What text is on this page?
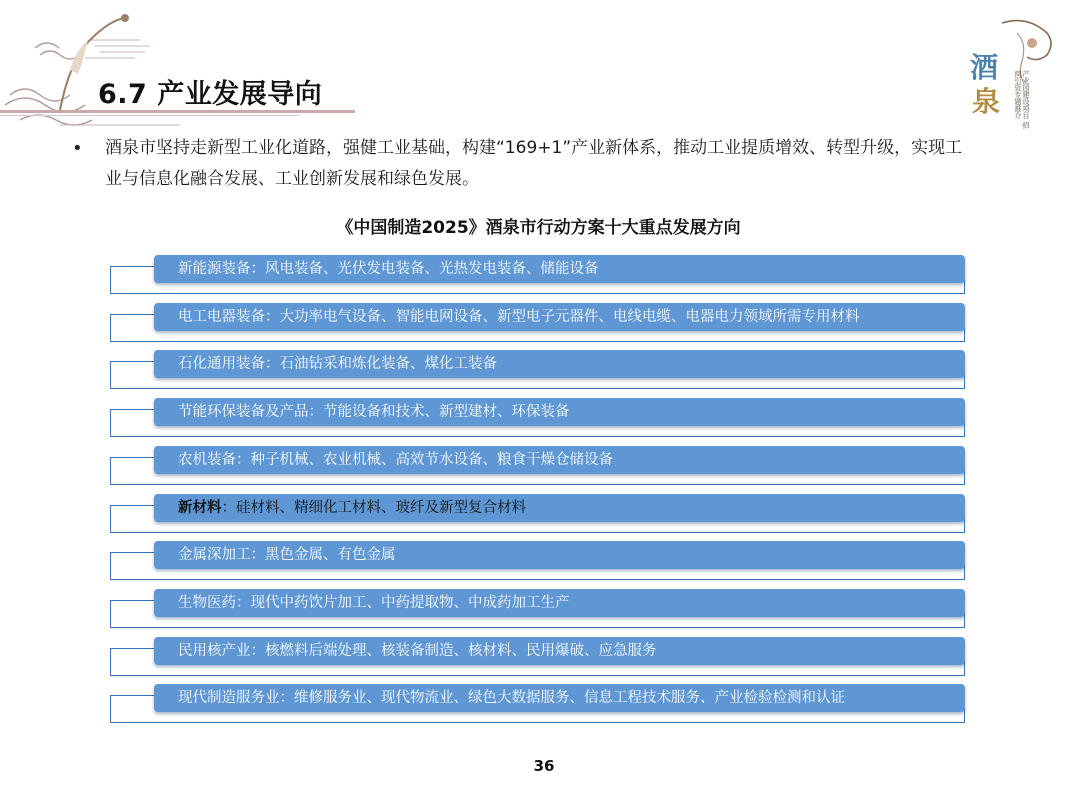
酒
泉	产业园建设项目 招商引资专题推介
6.7 产业发展导向
• 酒泉市坚持走新型工业化道路，强健工业基础，构建“169+1”产业新体系，推动工业提质增效、转型升级，实现工业与信息化融合发展、工业创新发展和绿色发展。
《中国制造2025》酒泉市行动方案十大重点发展方向
新能源装备：风电装备、光伏发电装备、光热发电装备、储能设备
电工电器装备：大功率电气设备、智能电网设备、新型电子元器件、电线电缆、电器电力领域所需专用材料
石化通用装备：石油钻采和炼化装备、煤化工装备
节能环保装备及产品：节能设备和技术、新型建材、环保装备
农机装备：种子机械、农业机械、高效节水设备、粮食干燥仓储设备
新材料：硅材料、精细化工材料、玻纤及新型复合材料
金属深加工：黑色金属、有色金属
生物医药：现代中药饮片加工、中药提取物、中成药加工生产
民用核产业：核燃料后端处理、核装备制造、核材料、民用爆破、应急服务
现代制造服务业：维修服务业、现代物流业、绿色大数据服务、信息工程技术服务、产业检验检测和认证
36
